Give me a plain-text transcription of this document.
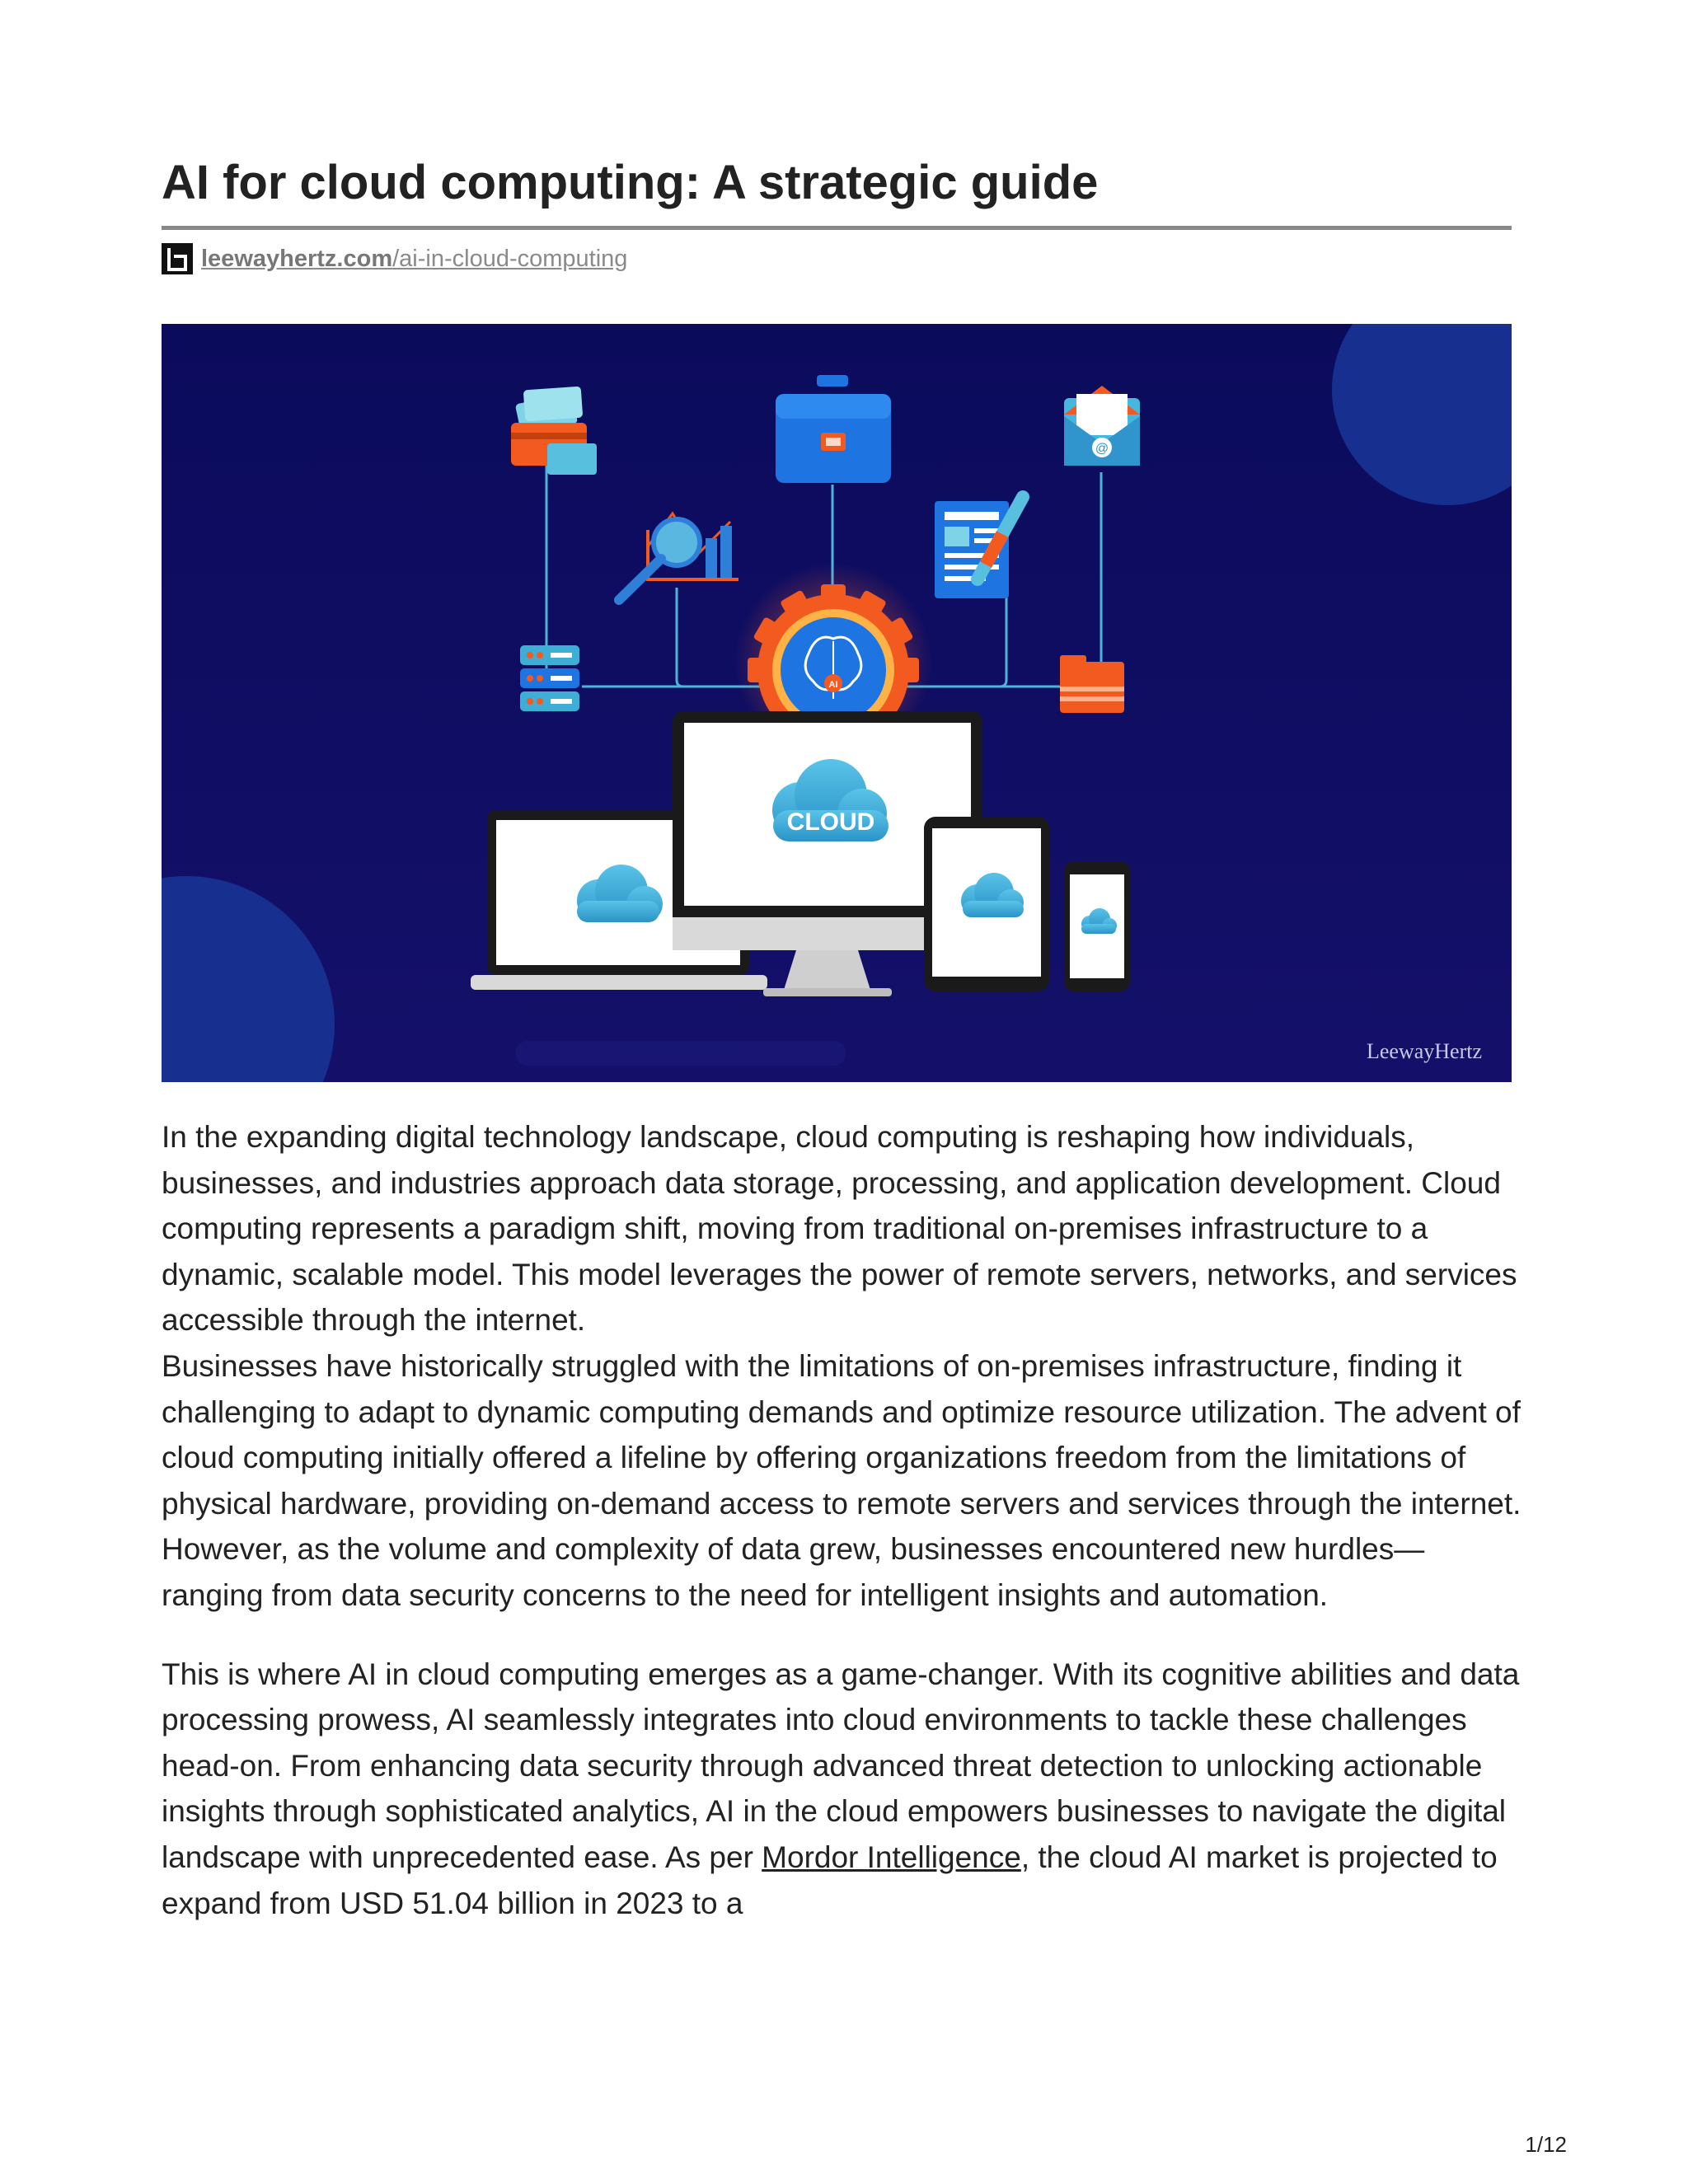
AI for cloud computing: A strategic guide
leewayhertz.com/ai-in-cloud-computing
@
AI
CLOUD
LeewayHertz

In the expanding digital technology landscape, cloud computing is reshaping how individuals, businesses, and industries approach data storage, processing, and application development. Cloud computing represents a paradigm shift, moving from traditional on-premises infrastructure to a dynamic, scalable model. This model leverages the power of remote servers, networks, and services accessible through the internet.

Businesses have historically struggled with the limitations of on-premises infrastructure, finding it challenging to adapt to dynamic computing demands and optimize resource utilization. The advent of cloud computing initially offered a lifeline by offering organizations freedom from the limitations of physical hardware, providing on-demand access to remote servers and services through the internet. However, as the volume and complexity of data grew, businesses encountered new hurdles—ranging from data security concerns to the need for intelligent insights and automation.

This is where AI in cloud computing emerges as a game-changer. With its cognitive abilities and data processing prowess, AI seamlessly integrates into cloud environments to tackle these challenges head-on. From enhancing data security through advanced threat detection to unlocking actionable insights through sophisticated analytics, AI in the cloud empowers businesses to navigate the digital landscape with unprecedented ease. As per Mordor Intelligence, the cloud AI market is projected to expand from USD 51.04 billion in 2023 to a

1/12
